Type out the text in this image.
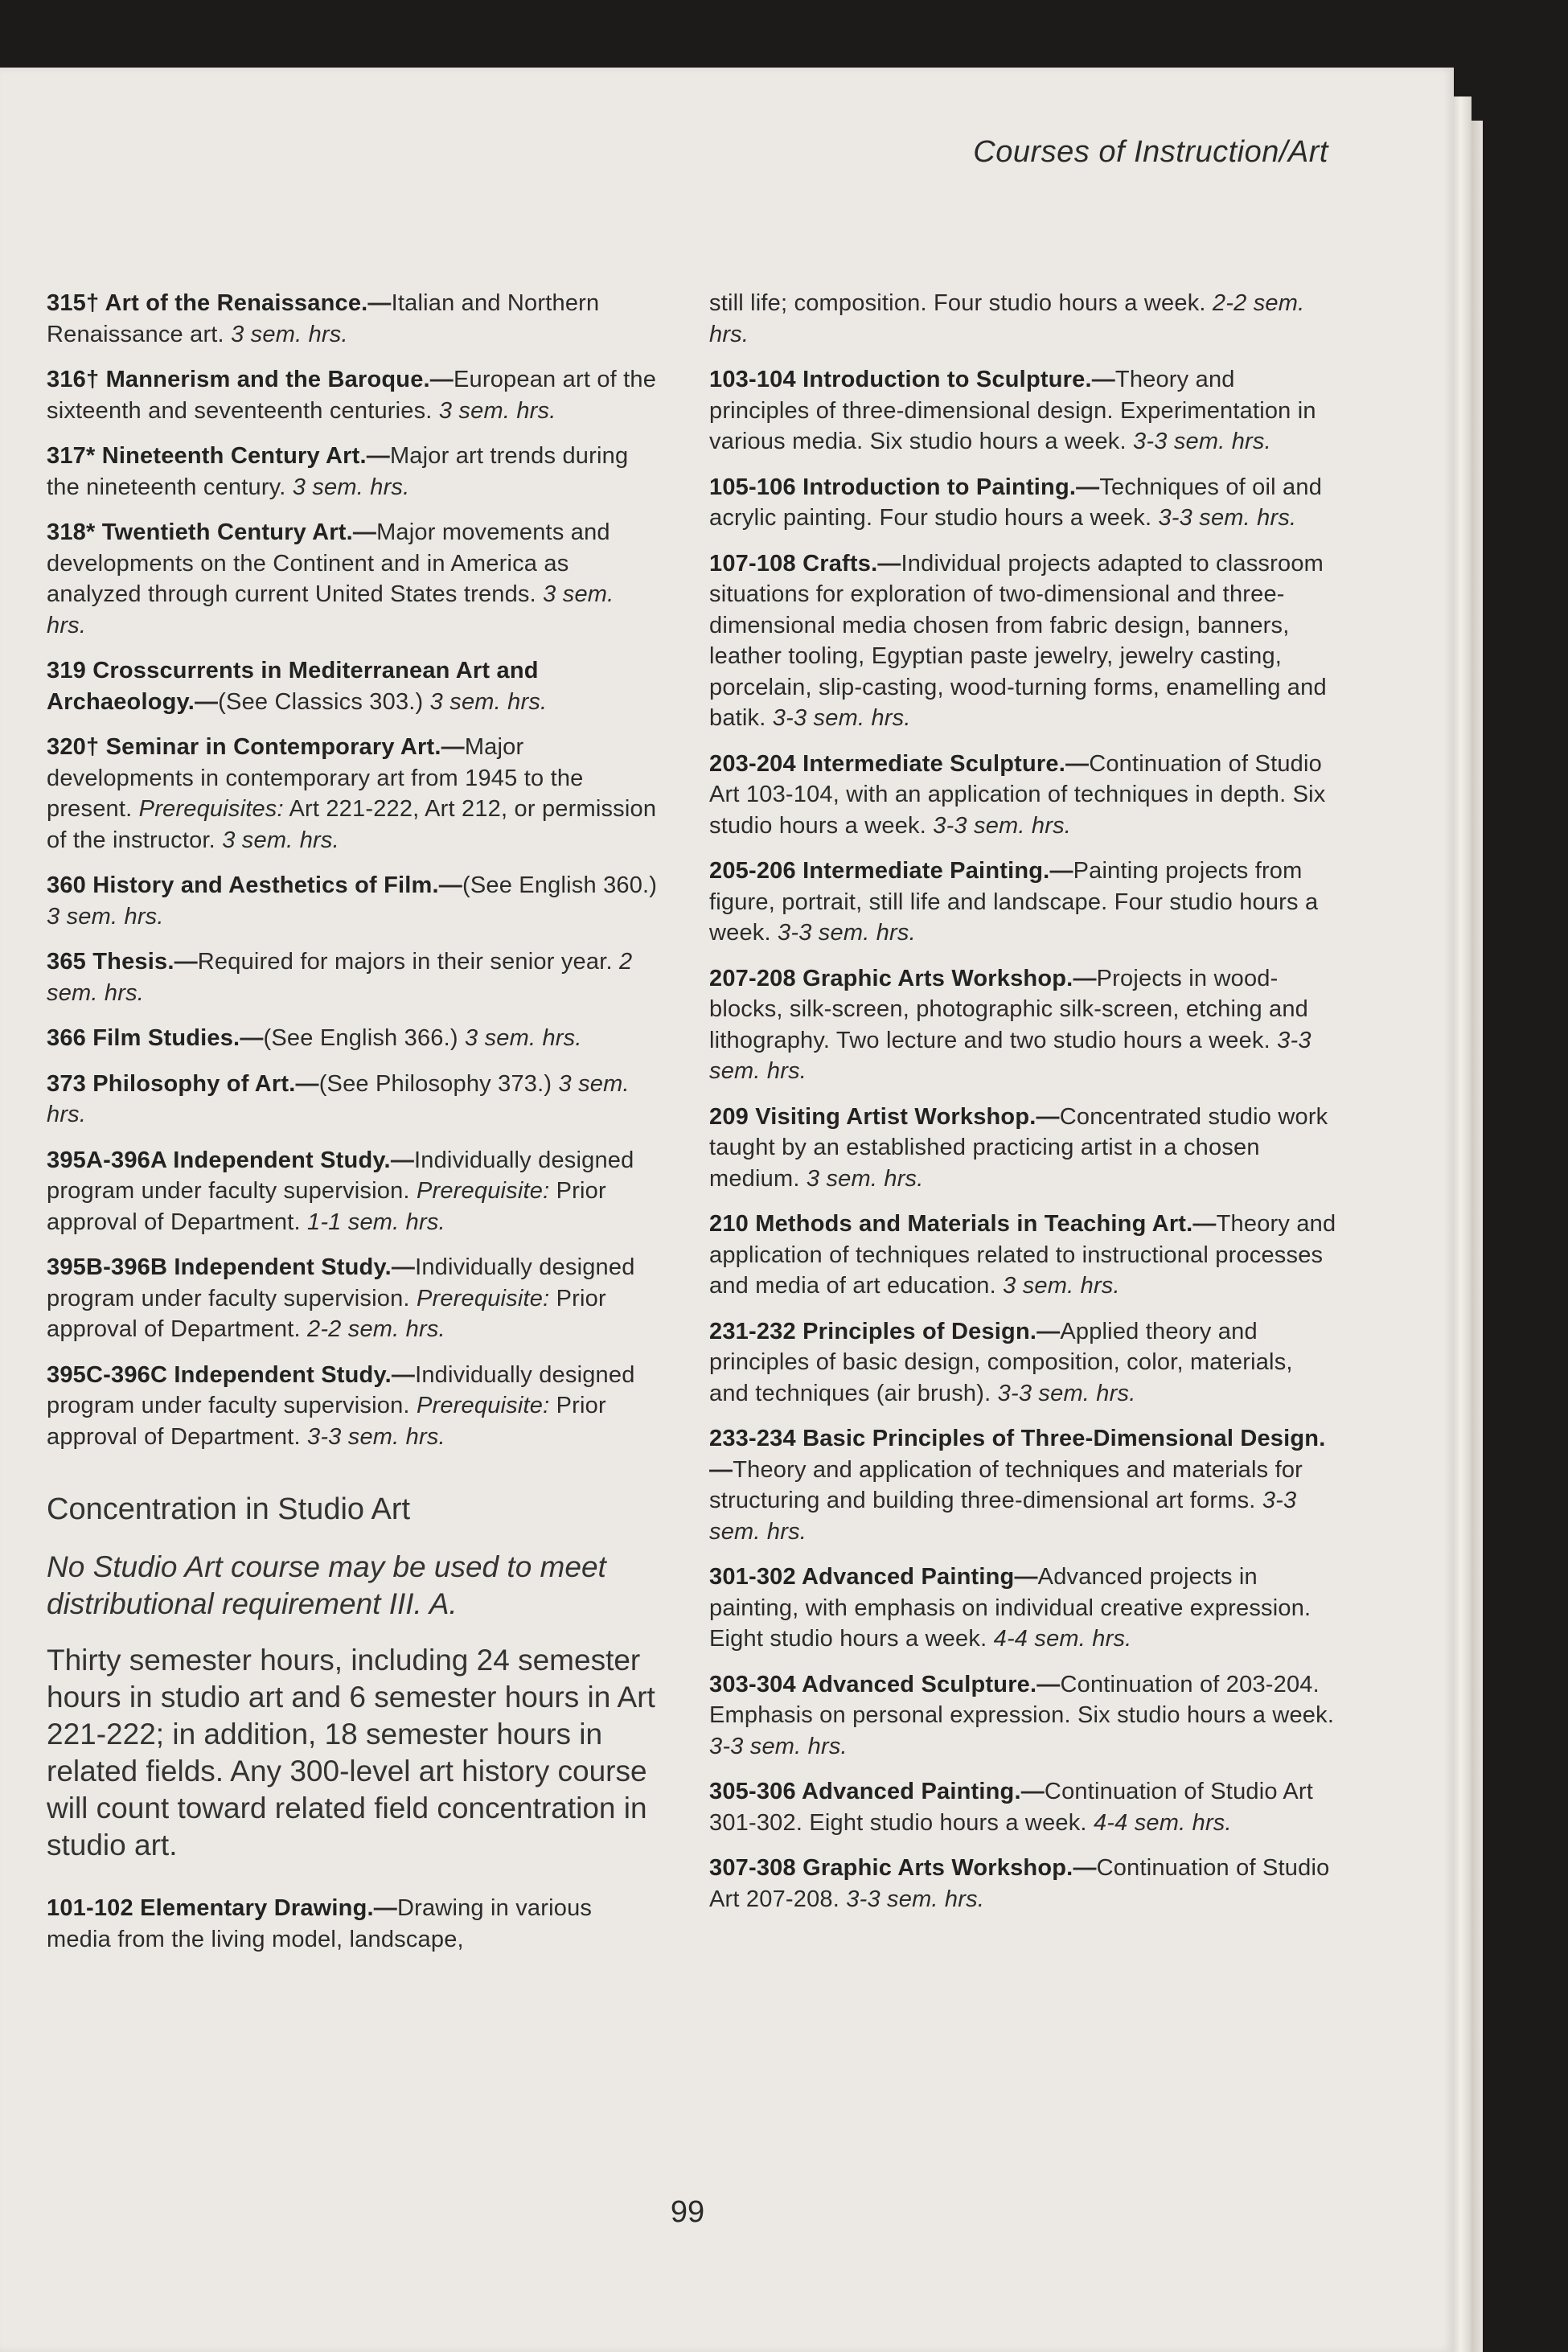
Courses of Instruction/Art

315† Art of the Renaissance.—Italian and Northern Renaissance art. 3 sem. hrs.

316† Mannerism and the Baroque.—European art of the sixteenth and seventeenth centuries. 3 sem. hrs.

317* Nineteenth Century Art.—Major art trends during the nineteenth century. 3 sem. hrs.

318* Twentieth Century Art.—Major movements and developments on the Continent and in America as analyzed through current United States trends. 3 sem. hrs.

319 Crosscurrents in Mediterranean Art and Archaeology.—(See Classics 303.) 3 sem. hrs.

320† Seminar in Contemporary Art.—Major developments in contemporary art from 1945 to the present. Prerequisites: Art 221-222, Art 212, or permission of the instructor. 3 sem. hrs.

360 History and Aesthetics of Film.—(See English 360.) 3 sem. hrs.

365 Thesis.—Required for majors in their senior year. 2 sem. hrs.

366 Film Studies.—(See English 366.) 3 sem. hrs.

373 Philosophy of Art.—(See Philosophy 373.) 3 sem. hrs.

395A-396A Independent Study.—Individually designed program under faculty supervision. Prerequisite: Prior approval of Department. 1-1 sem. hrs.

395B-396B Independent Study.—Individually designed program under faculty supervision. Prerequisite: Prior approval of Department. 2-2 sem. hrs.

395C-396C Independent Study.—Individually designed program under faculty supervision. Prerequisite: Prior approval of Department. 3-3 sem. hrs.

Concentration in Studio Art
No Studio Art course may be used to meet distributional requirement III. A.
Thirty semester hours, including 24 semester hours in studio art and 6 semester hours in Art 221-222; in addition, 18 semester hours in related fields. Any 300-level art history course will count toward related field concentration in studio art.

101-102 Elementary Drawing.—Drawing in various media from the living model, landscape,

still life; composition. Four studio hours a week. 2-2 sem. hrs.

103-104 Introduction to Sculpture.—Theory and principles of three-dimensional design. Experimentation in various media. Six studio hours a week. 3-3 sem. hrs.

105-106 Introduction to Painting.—Techniques of oil and acrylic painting. Four studio hours a week. 3-3 sem. hrs.

107-108 Crafts.—Individual projects adapted to classroom situations for exploration of two-dimensional and three-dimensional media chosen from fabric design, banners, leather tooling, Egyptian paste jewelry, jewelry casting, porcelain, slip-casting, wood-turning forms, enamelling and batik. 3-3 sem. hrs.

203-204 Intermediate Sculpture.—Continuation of Studio Art 103-104, with an application of techniques in depth. Six studio hours a week. 3-3 sem. hrs.

205-206 Intermediate Painting.—Painting projects from figure, portrait, still life and landscape. Four studio hours a week. 3-3 sem. hrs.

207-208 Graphic Arts Workshop.—Projects in wood-blocks, silk-screen, photographic silk-screen, etching and lithography. Two lecture and two studio hours a week. 3-3 sem. hrs.

209 Visiting Artist Workshop.—Concentrated studio work taught by an established practicing artist in a chosen medium. 3 sem. hrs.

210 Methods and Materials in Teaching Art.—Theory and application of techniques related to instructional processes and media of art education. 3 sem. hrs.

231-232 Principles of Design.—Applied theory and principles of basic design, composition, color, materials, and techniques (air brush). 3-3 sem. hrs.

233-234 Basic Principles of Three-Dimensional Design.—Theory and application of techniques and materials for structuring and building three-dimensional art forms. 3-3 sem. hrs.

301-302 Advanced Painting—Advanced projects in painting, with emphasis on individual creative expression. Eight studio hours a week. 4-4 sem. hrs.

303-304 Advanced Sculpture.—Continuation of 203-204. Emphasis on personal expression. Six studio hours a week. 3-3 sem. hrs.

305-306 Advanced Painting.—Continuation of Studio Art 301-302. Eight studio hours a week. 4-4 sem. hrs.

307-308 Graphic Arts Workshop.—Continuation of Studio Art 207-208. 3-3 sem. hrs.

99
